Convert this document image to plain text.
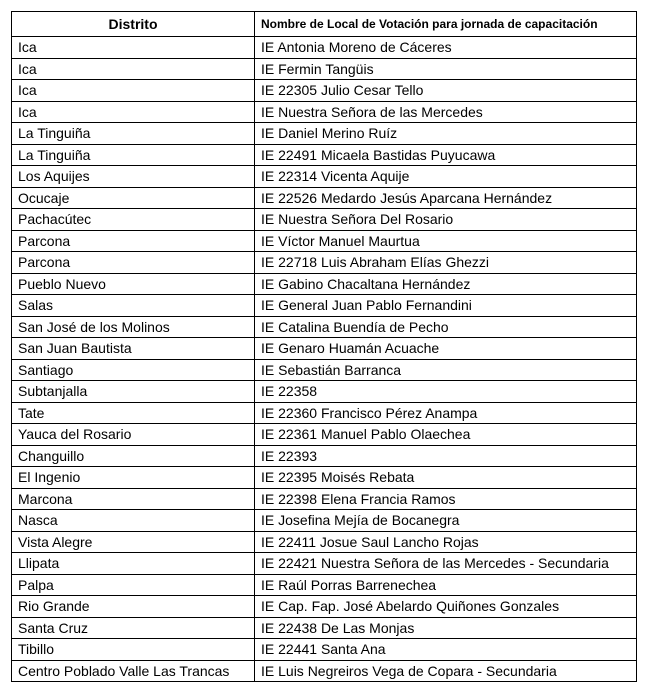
Distrito	Nombre de Local de Votación para jornada de capacitación
Ica	IE Antonia Moreno de Cáceres
Ica	IE Fermin Tangüis
Ica	IE 22305 Julio Cesar Tello
Ica	IE Nuestra Señora de las Mercedes
La Tinguiña	IE Daniel Merino Ruíz
La Tinguiña	IE 22491 Micaela Bastidas Puyucawa
Los Aquijes	IE 22314 Vicenta Aquije
Ocucaje	IE 22526 Medardo Jesús Aparcana Hernández
Pachacútec	IE Nuestra Señora Del Rosario
Parcona	IE Víctor Manuel Maurtua
Parcona	IE 22718 Luis Abraham Elías Ghezzi
Pueblo Nuevo	IE Gabino Chacaltana Hernández
Salas	IE General Juan Pablo Fernandini
San José de los Molinos	IE Catalina Buendía de Pecho
San Juan Bautista	IE Genaro Huamán Acuache
Santiago	IE Sebastián Barranca
Subtanjalla	IE 22358
Tate	IE 22360 Francisco Pérez Anampa
Yauca del Rosario	IE 22361 Manuel Pablo Olaechea
Changuillo	IE 22393
El Ingenio	IE 22395 Moisés Rebata
Marcona	IE 22398 Elena Francia Ramos
Nasca	IE Josefina Mejía de Bocanegra
Vista Alegre	IE 22411 Josue Saul Lancho Rojas
Llipata	IE 22421 Nuestra Señora de las Mercedes - Secundaria
Palpa	IE Raúl Porras Barrenechea
Rio Grande	IE Cap. Fap. José Abelardo Quiñones Gonzales
Santa Cruz	IE 22438 De Las Monjas
Tibillo	IE 22441 Santa Ana
Centro Poblado Valle Las Trancas	IE Luis Negreiros Vega de Copara - Secundaria
